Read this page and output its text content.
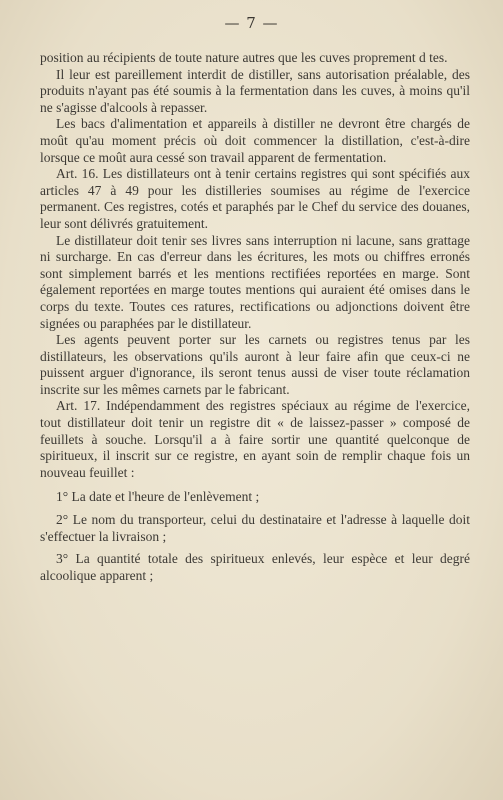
— 7 —

position au récipients de toute nature autres que les cuves proprement d tes.

Il leur est pareillement interdit de distiller, sans autorisation préalable, des produits n'ayant pas été soumis à la fermentation dans les cuves, à moins qu'il ne s'agisse d'alcools à repasser.

Les bacs d'alimentation et appareils à distiller ne devront être chargés de moût qu'au moment précis où doit commencer la distillation, c'est-à-dire lorsque ce moût aura cessé son travail apparent de fermentation.

Art. 16. Les distillateurs ont à tenir certains registres qui sont spécifiés aux articles 47 à 49 pour les distilleries soumises au régime de l'exercice permanent. Ces registres, cotés et paraphés par le Chef du service des douanes, leur sont délivrés gratuitement.

Le distillateur doit tenir ses livres sans interruption ni lacune, sans grattage ni surcharge. En cas d'erreur dans les écritures, les mots ou chiffres erronés sont simplement barrés et les mentions rectifiées reportées en marge. Sont également reportées en marge toutes mentions qui auraient été omises dans le corps du texte. Toutes ces ratures, rectifications ou adjonctions doivent être signées ou paraphées par le distillateur.

Les agents peuvent porter sur les carnets ou registres tenus par les distillateurs, les observations qu'ils auront à leur faire afin que ceux-ci ne puissent arguer d'ignorance, ils seront tenus aussi de viser toute réclamation inscrite sur les mêmes carnets par le fabricant.

Art. 17. Indépendamment des registres spéciaux au régime de l'exercice, tout distillateur doit tenir un registre dit « de laissez-passer » composé de feuillets à souche. Lorsqu'il a à faire sortir une quantité quelconque de spiritueux, il inscrit sur ce registre, en ayant soin de remplir chaque fois un nouveau feuillet :

1° La date et l'heure de l'enlèvement ;

2° Le nom du transporteur, celui du destinataire et l'adresse à laquelle doit s'effectuer la livraison ;

3° La quantité totale des spiritueux enlevés, leur espèce et leur degré alcoolique apparent ;
